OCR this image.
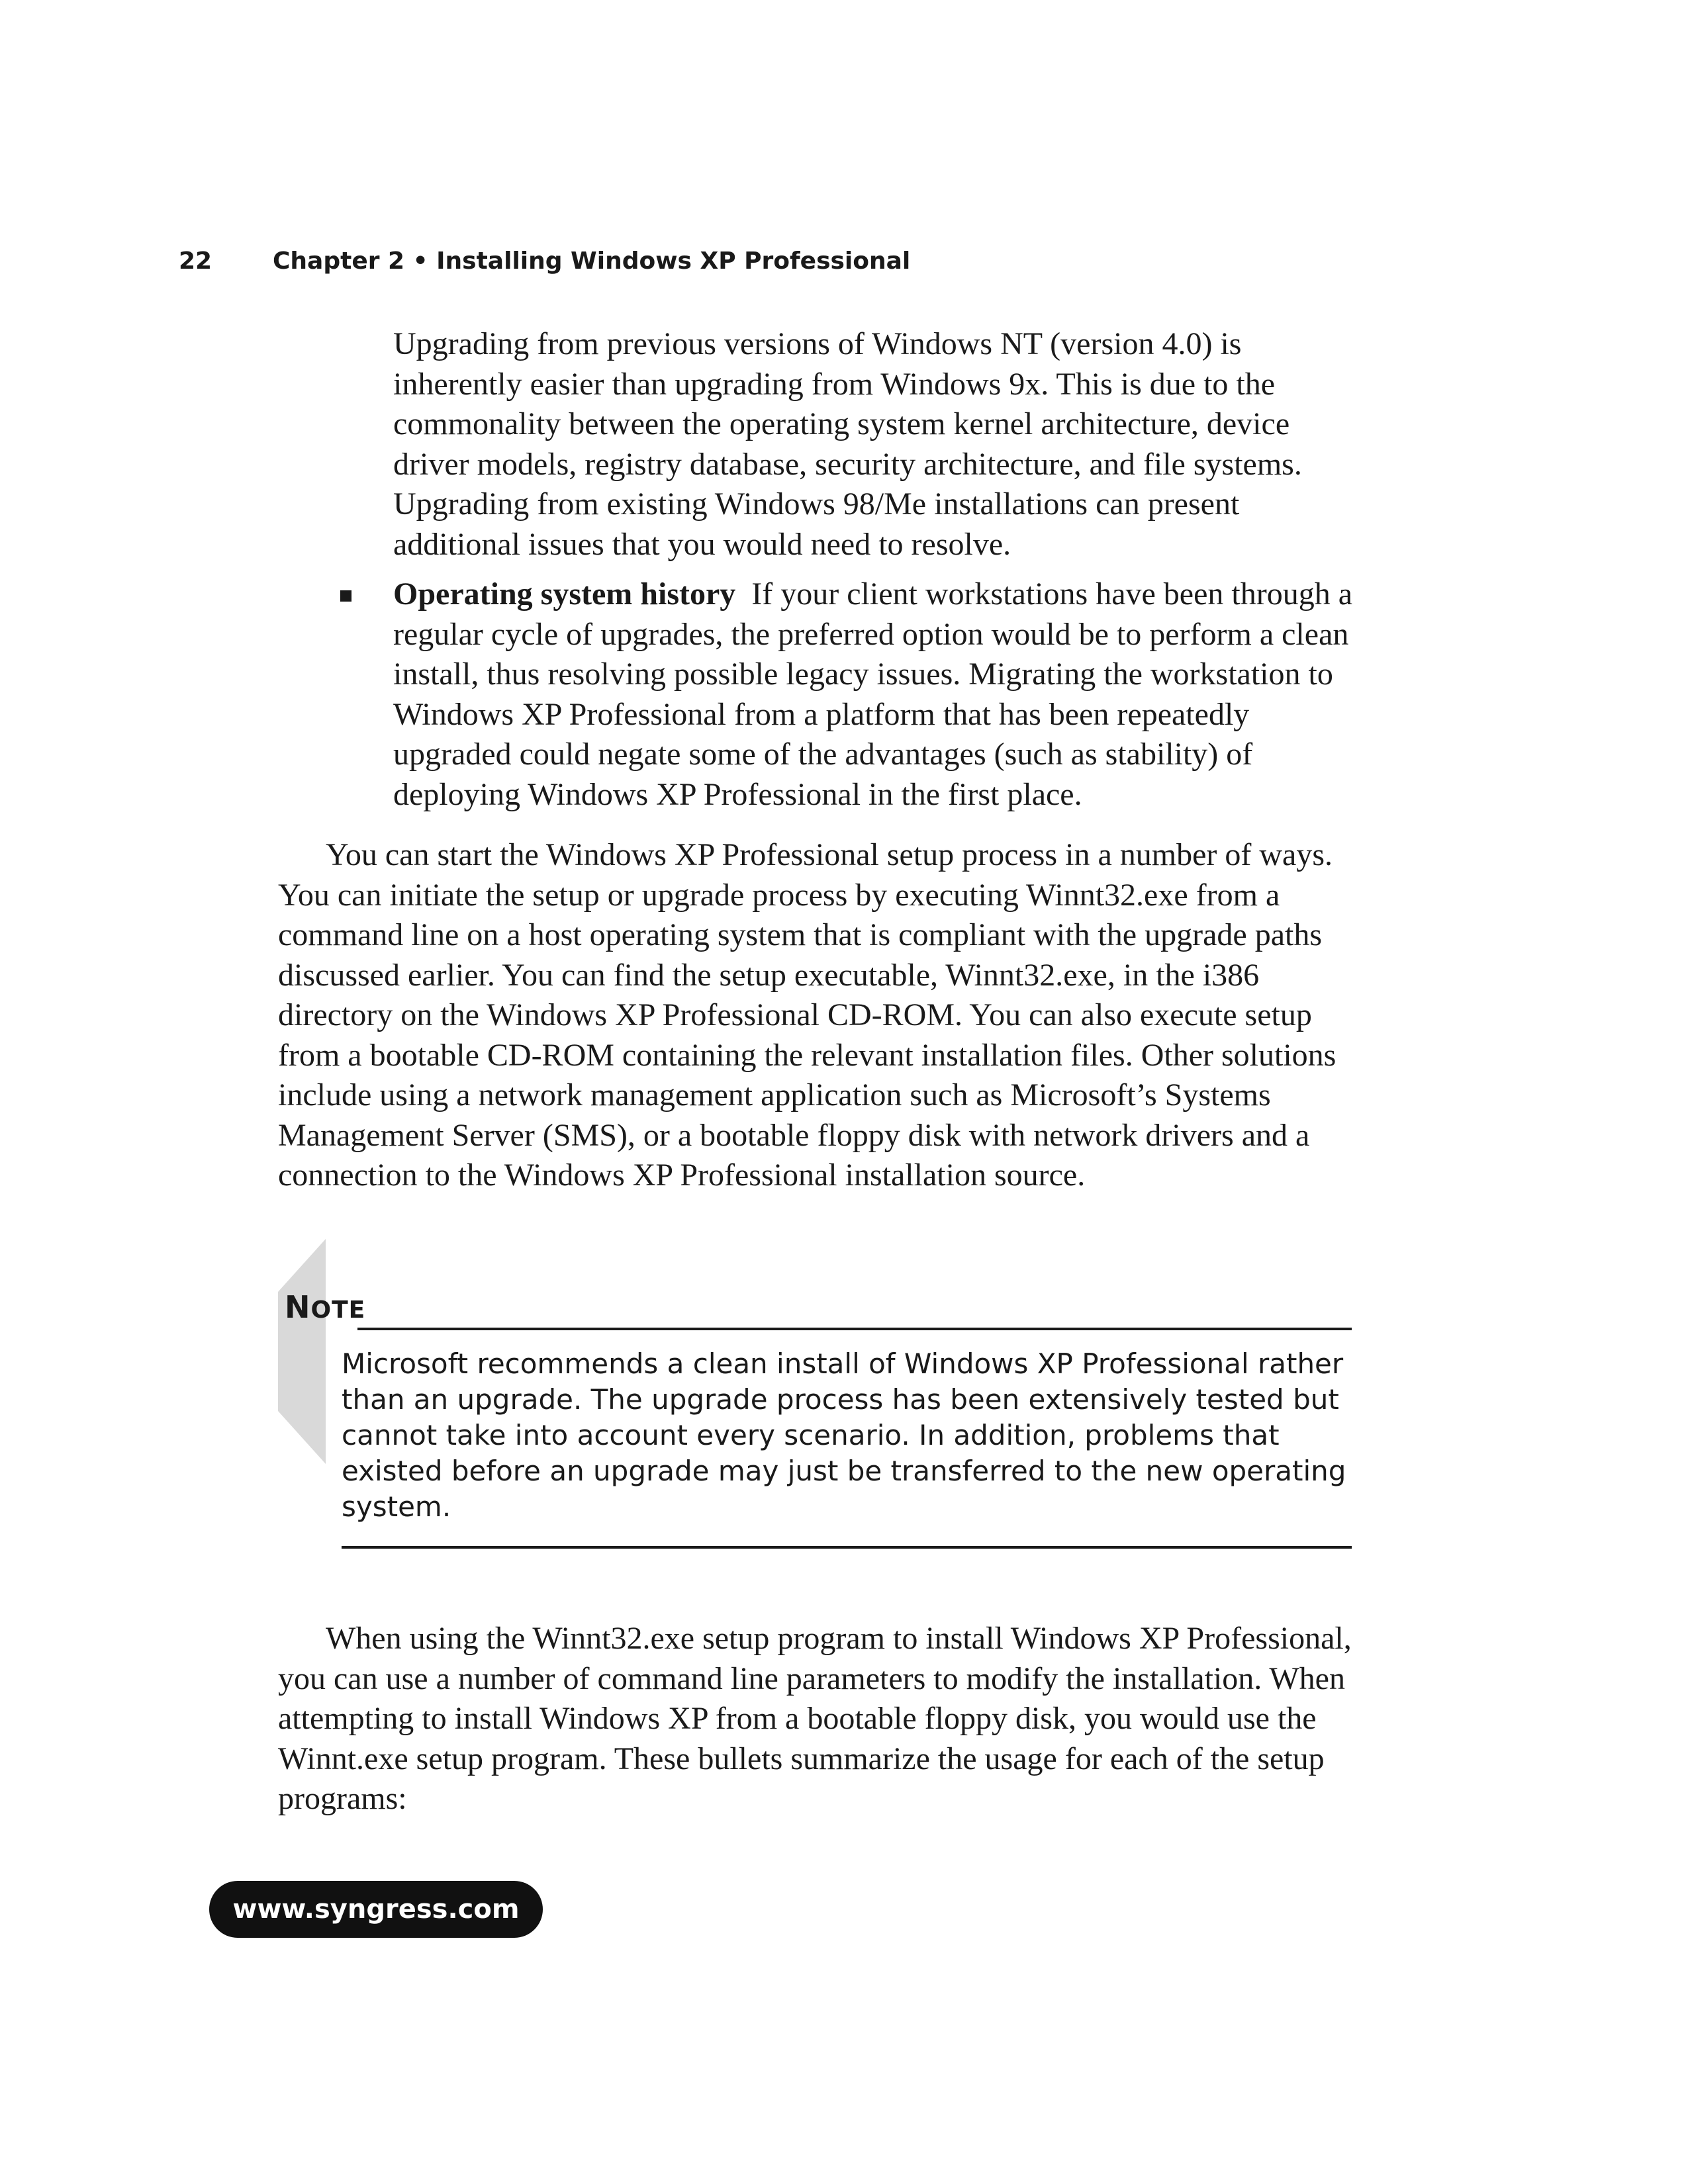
22	Chapter 2 • Installing Windows XP Professional
Upgrading from previous versions of Windows NT (version 4.0) is inherently easier than upgrading from Windows 9x. This is due to the commonality between the operating system kernel architecture, device driver models, registry database, security architecture, and file systems. Upgrading from existing Windows 98/Me installations can present additional issues that you would need to resolve.
Operating system history If your client workstations have been through a regular cycle of upgrades, the preferred option would be to perform a clean install, thus resolving possible legacy issues. Migrating the workstation to Windows XP Professional from a platform that has been repeatedly upgraded could negate some of the advantages (such as stability) of deploying Windows XP Professional in the first place.
You can start the Windows XP Professional setup process in a number of ways. You can initiate the setup or upgrade process by executing Winnt32.exe from a command line on a host operating system that is compliant with the upgrade paths discussed earlier. You can find the setup executable, Winnt32.exe, in the i386 directory on the Windows XP Professional CD-ROM. You can also execute setup from a bootable CD-ROM containing the relevant installation files. Other solutions include using a network management application such as Microsoft’s Systems Management Server (SMS), or a bootable floppy disk with network drivers and a connection to the Windows XP Professional installation source.
NOTE
Microsoft recommends a clean install of Windows XP Professional rather than an upgrade. The upgrade process has been extensively tested but cannot take into account every scenario. In addition, problems that existed before an upgrade may just be transferred to the new operating system.
When using the Winnt32.exe setup program to install Windows XP Professional, you can use a number of command line parameters to modify the installation. When attempting to install Windows XP from a bootable floppy disk, you would use the Winnt.exe setup program. These bullets summarize the usage for each of the setup programs:
www.syngress.com
